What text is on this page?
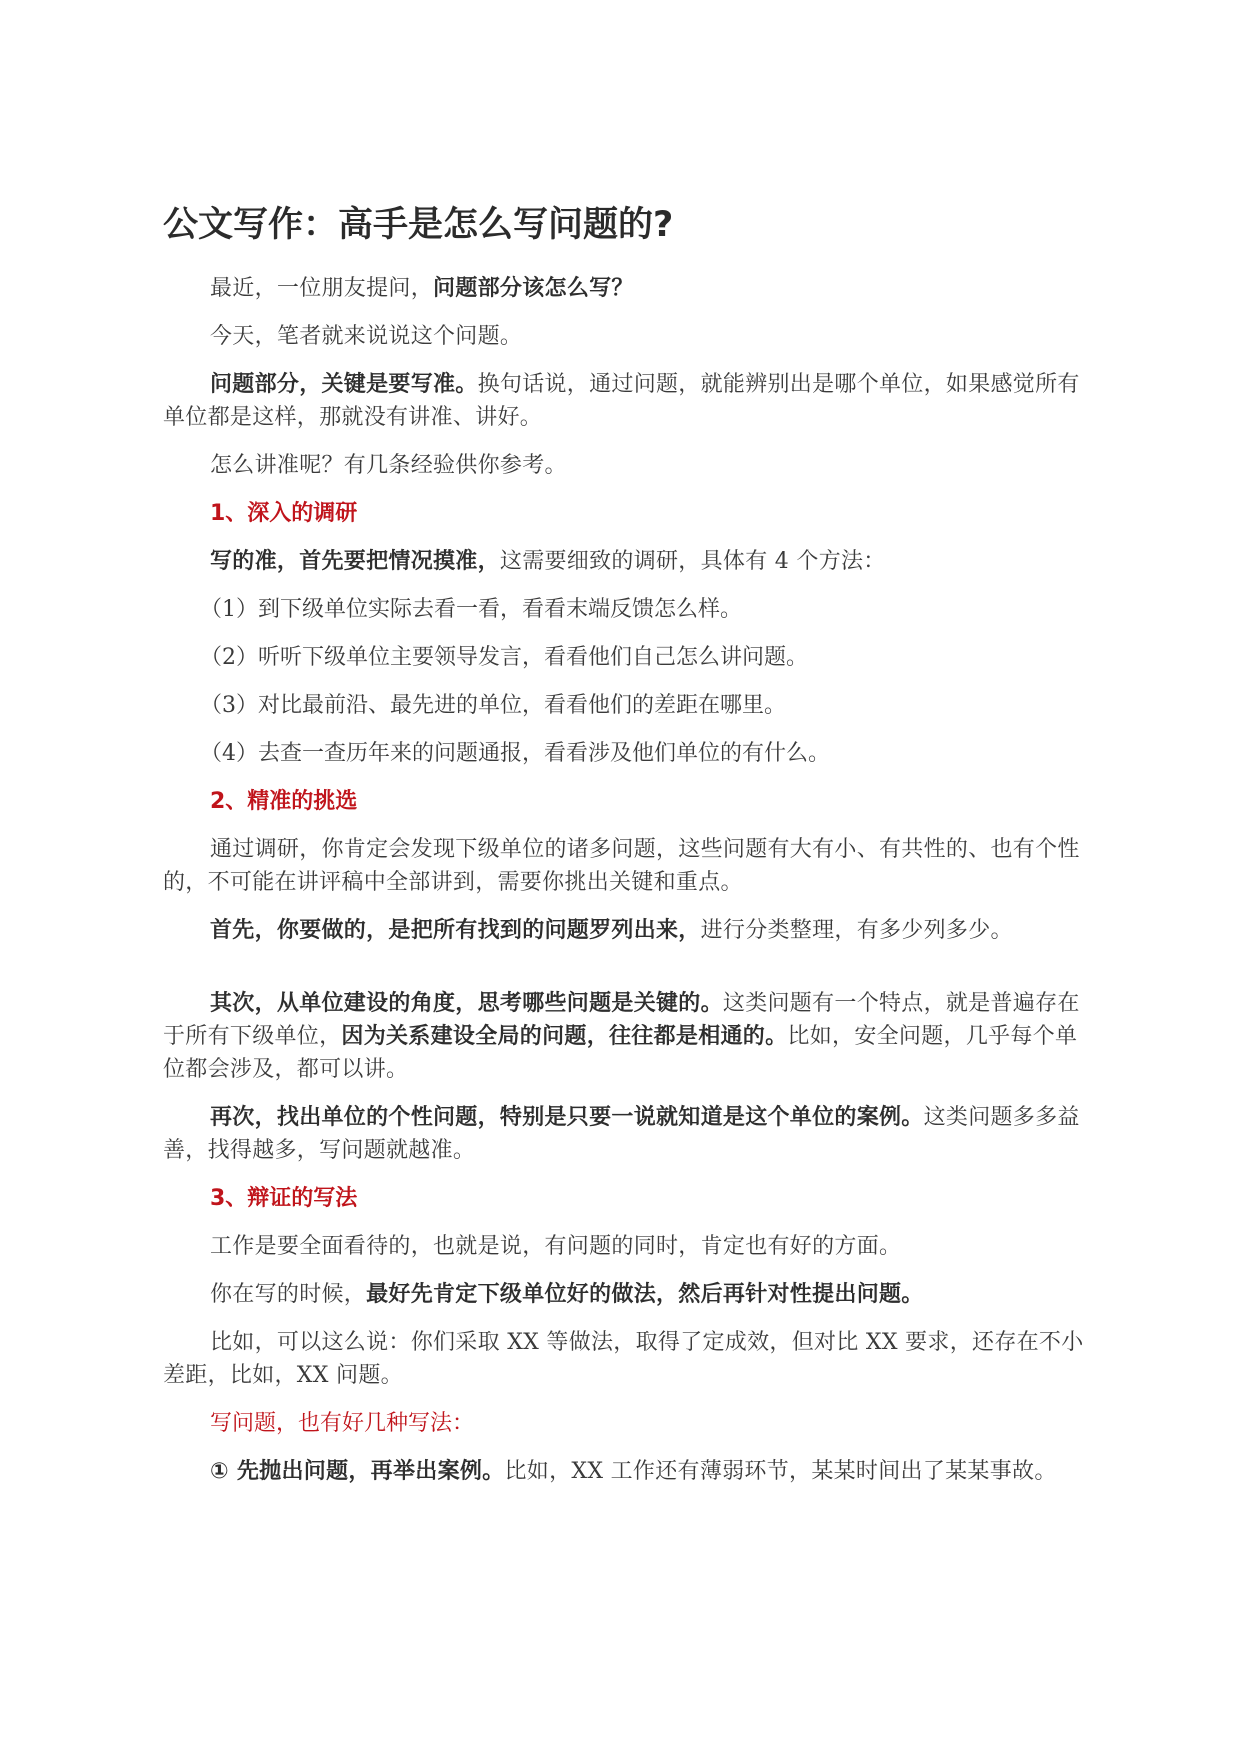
公文写作：高手是怎么写问题的?

最近，一位朋友提问，问题部分该怎么写？

今天，笔者就来说说这个问题。

问题部分，关键是要写准。换句话说，通过问题，就能辨别出是哪个单位，如果感觉所有单位都是这样，那就没有讲准、讲好。

怎么讲准呢？有几条经验供你参考。

1、深入的调研

写的准，首先要把情况摸准，这需要细致的调研，具体有 4 个方法：

（1）到下级单位实际去看一看，看看末端反馈怎么样。

（2）听听下级单位主要领导发言，看看他们自己怎么讲问题。

（3）对比最前沿、最先进的单位，看看他们的差距在哪里。

（4）去查一查历年来的问题通报，看看涉及他们单位的有什么。

2、精准的挑选

通过调研，你肯定会发现下级单位的诸多问题，这些问题有大有小、有共性的、也有个性的，不可能在讲评稿中全部讲到，需要你挑出关键和重点。

首先，你要做的，是把所有找到的问题罗列出来，进行分类整理，有多少列多少。

其次，从单位建设的角度，思考哪些问题是关键的。这类问题有一个特点，就是普遍存在于所有下级单位，因为关系建设全局的问题，往往都是相通的。比如，安全问题，几乎每个单位都会涉及，都可以讲。

再次，找出单位的个性问题，特别是只要一说就知道是这个单位的案例。这类问题多多益善，找得越多，写问题就越准。

3、辩证的写法

工作是要全面看待的，也就是说，有问题的同时，肯定也有好的方面。

你在写的时候，最好先肯定下级单位好的做法，然后再针对性提出问题。

比如，可以这么说：你们采取 XX 等做法，取得了定成效，但对比 XX 要求，还存在不小差距，比如，XX 问题。

写问题，也有好几种写法：

① 先抛出问题，再举出案例。比如，XX 工作还有薄弱环节，某某时间出了某某事故。
